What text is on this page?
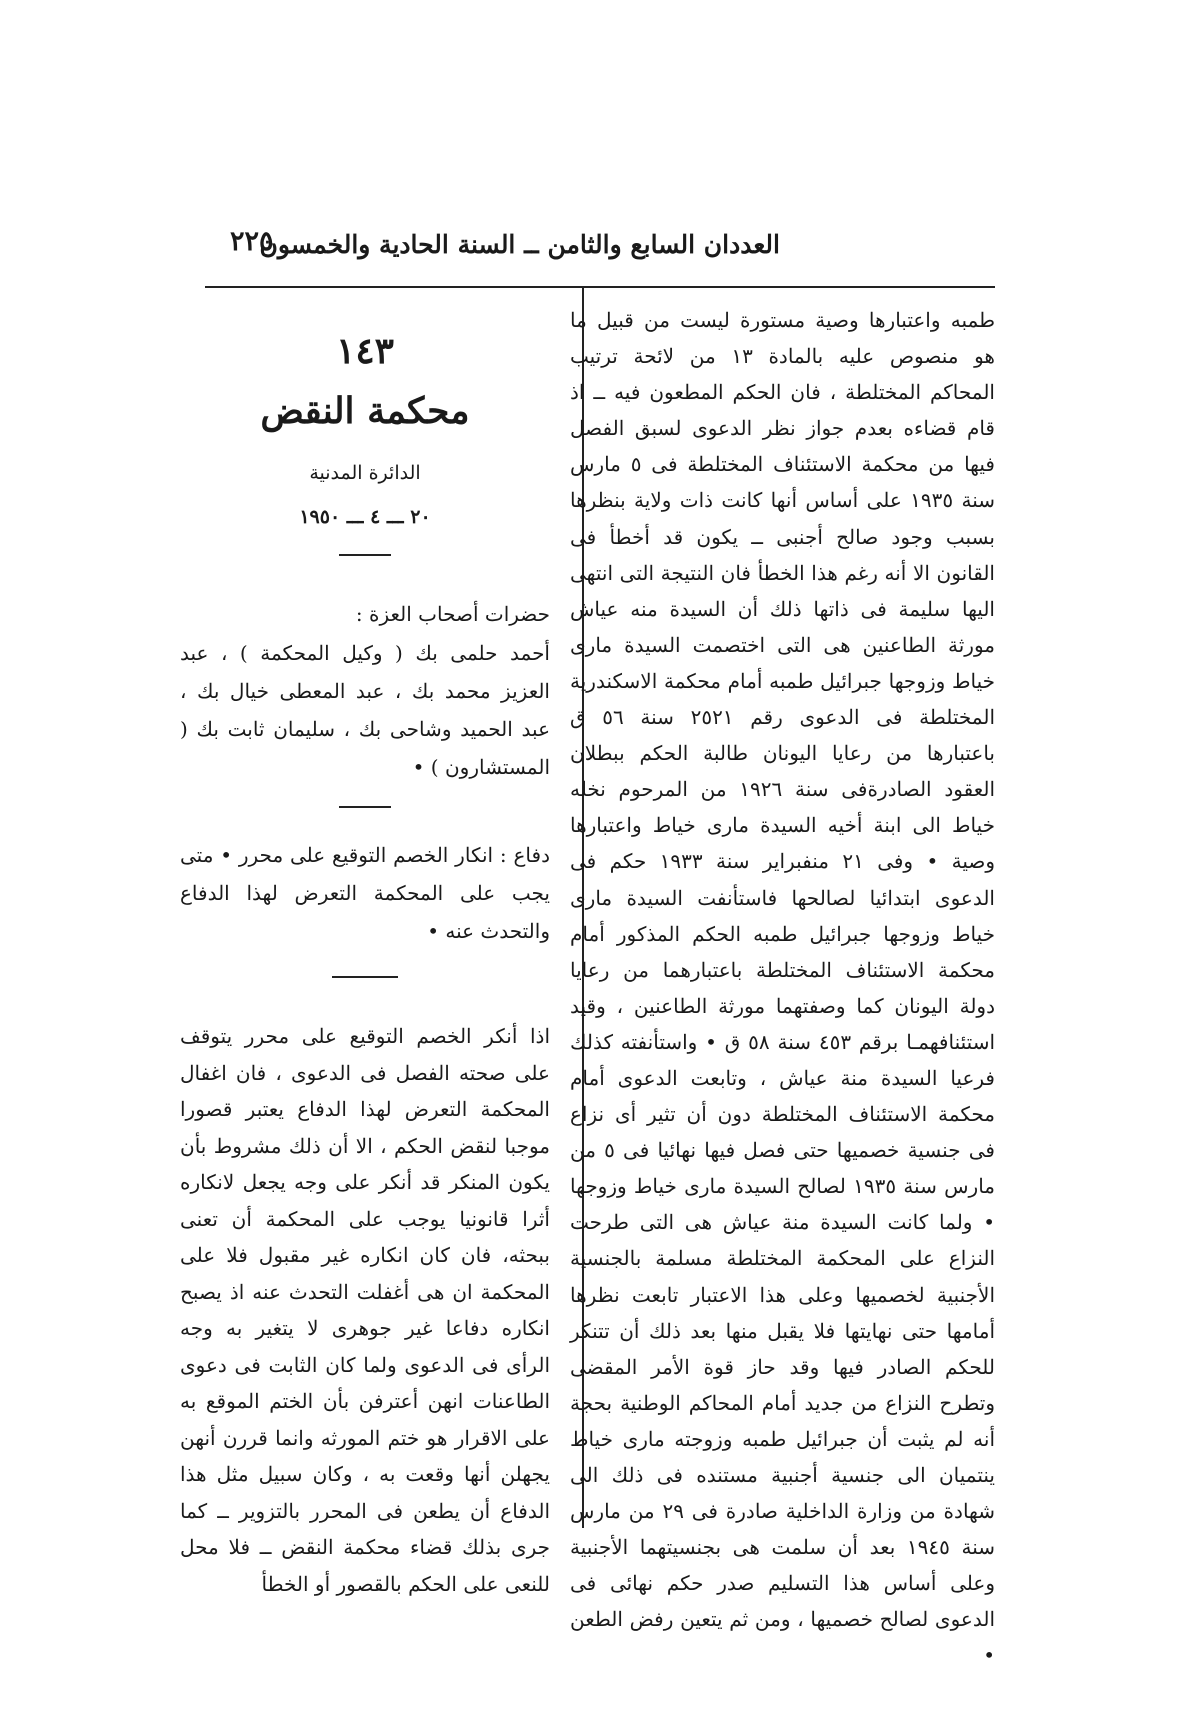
العددان السابع والثامن ــ السنة الحادية والخمسون
٢٢٥

طمبه واعتبارها وصية مستورة ليست من قبيل ما هو منصوص عليه بالمادة ١٣ من لائحة ترتيب المحاكم المختلطة ، فان الحكم المطعون فيه ــ اذ قام قضاءه بعدم جواز نظر الدعوى لسبق الفصل فيها من محكمة الاستئناف المختلطة فى ٥ مارس سنة ١٩٣٥ على أساس أنها كانت ذات ولاية بنظرها بسبب وجود صالح أجنبى ــ يكون قد أخطأ فى القانون الا أنه رغم هذا الخطأ فان النتيجة التى انتهى اليها سليمة فى ذاتها ذلك أن السيدة منه عياش مورثة الطاعنين هى التى اختصمت السيدة مارى خياط وزوجها جبرائيل طمبه أمام محكمة الاسكندرية المختلطة فى الدعوى رقم ٢٥٢١ سنة ٥٦ ق باعتبارها من رعايا اليونان طالبة الحكم ببطلان العقود الصادرةفى سنة ١٩٢٦ من المرحوم نخله خياط الى ابنة أخيه السيدة مارى خياط واعتبارها وصية • وفى ٢١ منفبراير سنة ١٩٣٣ حكم فى الدعوى ابتدائيا لصالحها فاستأنفت السيدة مارى خياط وزوجها جبرائيل طمبه الحكم المذكور أمام محكمة الاستئناف المختلطة باعتبارهما من رعايا دولة اليونان كما وصفتهما مورثة الطاعنين ، وقيد استئنافهمـا برقم ٤٥٣ سنة ٥٨ ق • واستأنفته كذلك فرعيا السيدة منة عياش ، وتابعت الدعوى أمام محكمة الاستئناف المختلطة دون أن تثير أى نزاع فى جنسية خصميها حتى فصل فيها نهائيا فى ٥ من مارس سنة ١٩٣٥ لصالح السيدة مارى خياط وزوجها • ولما كانت السيدة منة عياش هى التى طرحت النزاع على المحكمة المختلطة مسلمة بالجنسية الأجنبية لخصميها وعلى هذا الاعتبار تابعت نظرها أمامها حتى نهايتها فلا يقبل منها بعد ذلك أن تتنكر للحكم الصادر فيها وقد حاز قوة الأمر المقضى وتطرح النزاع من جديد أمام المحاكم الوطنية بحجة أنه لم يثبت أن جبرائيل طمبه وزوجته مارى خياط ينتميان الى جنسية أجنبية مستنده فى ذلك الى شهادة من وزارة الداخلية صادرة فى ٢٩ من مارس سنة ١٩٤٥ بعد أن سلمت هى بجنسيتهما الأجنبية وعلى أساس هذا التسليم صدر حكم نهائى فى الدعوى لصالح خصميها ، ومن ثم يتعين رفض الطعن •

١٤٣
محكمة النقض
الدائرة المدنية
٢٠ ـــ ٤ ـــ ١٩٥٠
حضرات أصحاب العزة :
أحمد حلمى بك ( وكيل المحكمة ) ، عبد العزيز محمد بك ، عبد المعطى خيال بك ، عبد الحميد وشاحى بك ، سليمان ثابت بك ( المستشارون ) •
دفاع : انكار الخصم التوقيع على محرر • متى يجب على المحكمة التعرض لهذا الدفاع والتحدث عنه •
اذا أنكر الخصم التوقيع على محرر يتوقف على صحته الفصل فى الدعوى ، فان اغفال المحكمة التعرض لهذا الدفاع يعتبر قصورا موجبا لنقض الحكم ، الا أن ذلك مشروط بأن يكون المنكر قد أنكر على وجه يجعل لانكاره أثرا قانونيا يوجب على المحكمة أن تعنى ببحثه، فان كان انكاره غير مقبول فلا على المحكمة ان هى أغفلت التحدث عنه اذ يصبح انكاره دفاعا غير جوهرى لا يتغير به وجه الرأى فى الدعوى ولما كان الثابت فى دعوى الطاعنات انهن أعترفن بأن الختم الموقع به على الاقرار هو ختم المورثه وانما قررن أنهن يجهلن أنها وقعت به ، وكان سبيل مثل هذا الدفاع أن يطعن فى المحرر بالتزوير ــ كما جرى بذلك قضاء محكمة النقض ــ فلا محل للنعى على الحكم بالقصور أو الخطأ
